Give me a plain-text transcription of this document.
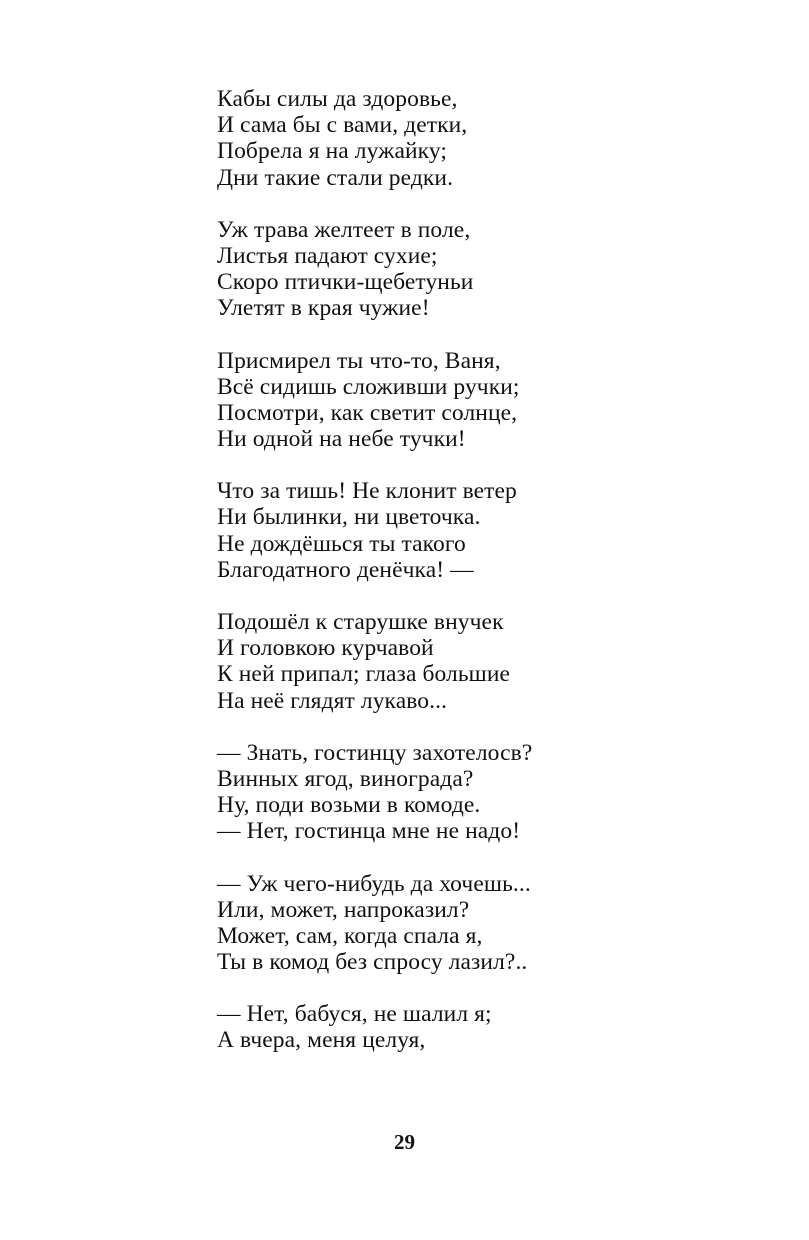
Кабы силы да здоровье,
И сама бы с вами, детки,
Побрела я на лужайку;
Дни такие стали редки.
Уж трава желтеет в поле,
Листья падают сухие;
Скоро птички-щебетуньи
Улетят в края чужие!
Присмирел ты что-то, Ваня,
Всё сидишь сложивши ручки;
Посмотри, как светит солнце,
Ни одной на небе тучки!
Что за тишь! Не клонит ветер
Ни былинки, ни цветочка.
Не дождёшься ты такого
Благодатного денёчка! —
Подошёл к старушке внучек
И головкою курчавой
К ней припал; глаза большие
На неё глядят лукаво...
— Знать, гостинцу захотелосв?
Винных ягод, винограда?
Ну, поди возьми в комоде.
— Нет, гостинца мне не надо!
— Уж чего-нибудь да хочешь...
Или, может, напроказил?
Может, сам, когда спала я,
Ты в комод без спросу лазил?..
— Нет, бабуся, не шалил я;
А вчера, меня целуя,
29
